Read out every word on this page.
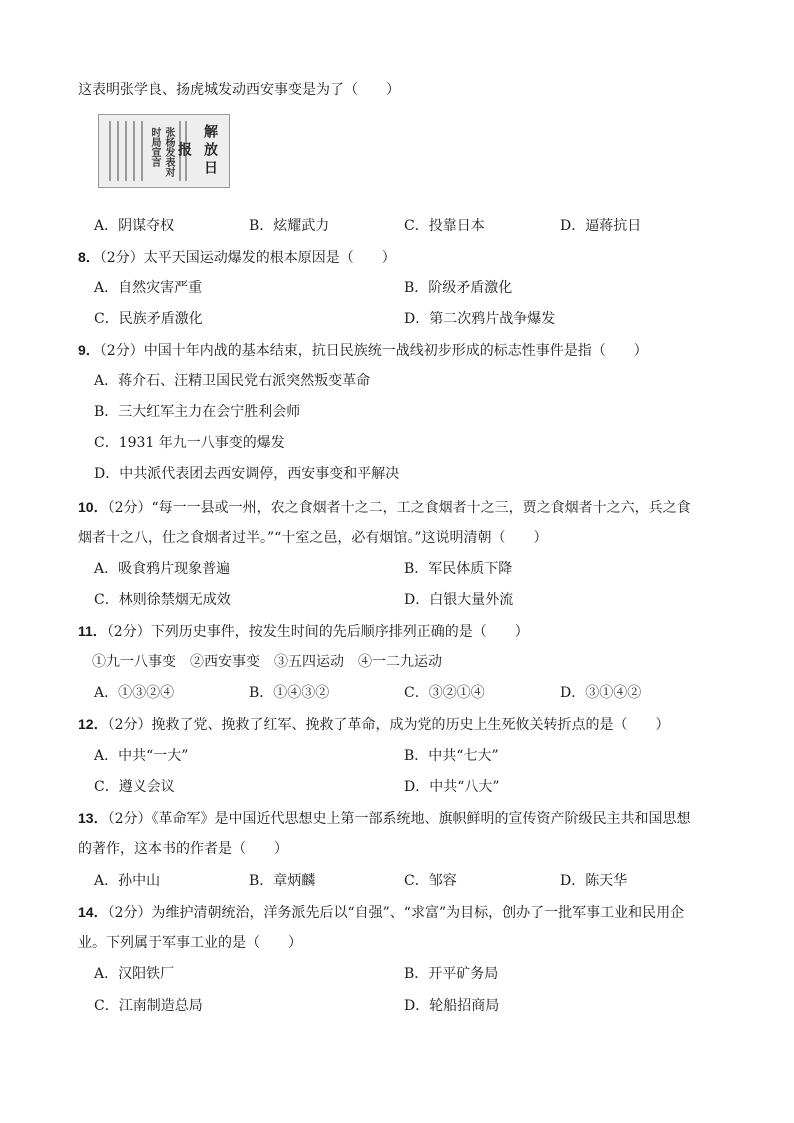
这表明张学良、扬虎城发动西安事变是为了（　　）
张杨发表对时局宣言	解放日报
A．阴谋夺权	B．炫耀武力	C．投靠日本	D．逼蒋抗日
8．（2分）太平天国运动爆发的根本原因是（　　）
A．自然灾害严重	B．阶级矛盾激化
C．民族矛盾激化	D．第二次鸦片战争爆发
9．（2分）中国十年内战的基本结束，抗日民族统一战线初步形成的标志性事件是指（　　）
A．蒋介石、汪精卫国民党右派突然叛变革命
B．三大红军主力在会宁胜利会师
C．1931 年九一八事变的爆发
D．中共派代表团去西安调停，西安事变和平解决
10．（2分）“每一一县或一州，农之食烟者十之二，工之食烟者十之三，贾之食烟者十之六，兵之食
烟者十之八，仕之食烟者过半。”“十室之邑，必有烟馆。”这说明清朝（　　）
A．吸食鸦片现象普遍	B．军民体质下降
C．林则徐禁烟无成效	D．白银大量外流
11．（2分）下列历史事件，按发生时间的先后顺序排列正确的是（　　）
①九一八事变　②西安事变　③五四运动　④一二九运动
A．①③②④	B．①④③②	C．③②①④	D．③①④②
12．（2分）挽救了党、挽救了红军、挽救了革命，成为党的历史上生死攸关转折点的是（　　）
A．中共“一大”	B．中共“七大”
C．遵义会议	D．中共“八大”
13．（2分）《革命军》是中国近代思想史上第一部系统地、旗帜鲜明的宣传资产阶级民主共和国思想
的著作，这本书的作者是（　　）
A．孙中山	B．章炳麟	C．邹容	D．陈天华
14．（2分）为维护清朝统治，洋务派先后以“自强”、“求富”为目标，创办了一批军事工业和民用企
业。下列属于军事工业的是（　　）
A．汉阳铁厂	B．开平矿务局
C．江南制造总局	D．轮船招商局
